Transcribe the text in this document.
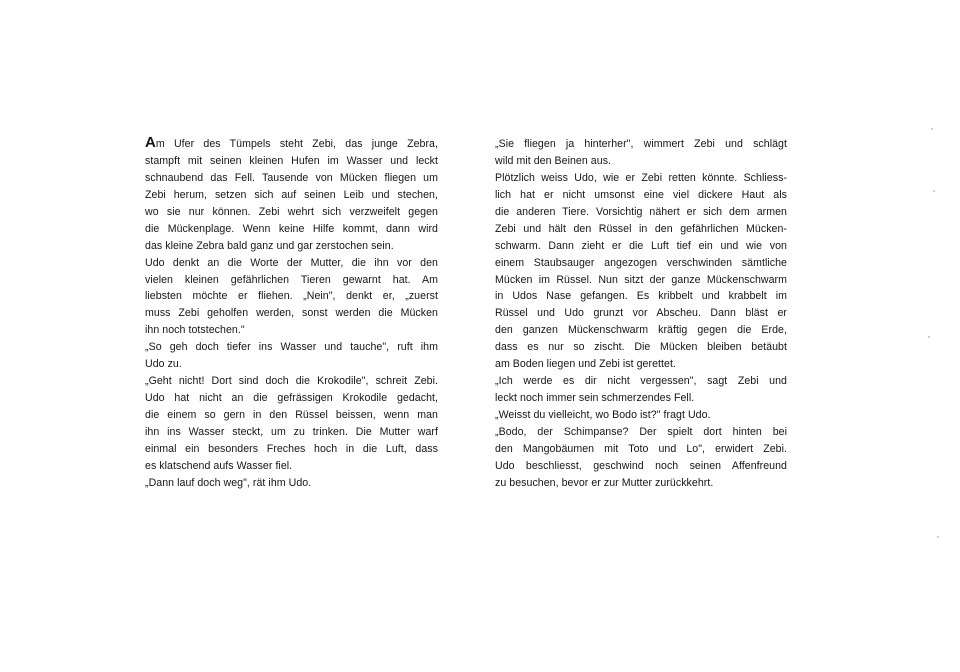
Am Ufer des Tümpels steht Zebi, das junge Zebra,
stampft mit seinen kleinen Hufen im Wasser und leckt
schnaubend das Fell. Tausende von Mücken fliegen um
Zebi herum, setzen sich auf seinen Leib und stechen,
wo sie nur können. Zebi wehrt sich verzweifelt gegen
die Mückenplage. Wenn keine Hilfe kommt, dann wird
das kleine Zebra bald ganz und gar zerstochen sein.
Udo denkt an die Worte der Mutter, die ihn vor den
vielen kleinen gefährlichen Tieren gewarnt hat. Am
liebsten möchte er fliehen. „Nein", denkt er, „zuerst
muss Zebi geholfen werden, sonst werden die Mücken
ihn noch totstechen."
„So geh doch tiefer ins Wasser und tauche", ruft ihm
Udo zu.
„Geht nicht! Dort sind doch die Krokodile", schreit Zebi.
Udo hat nicht an die gefrässigen Krokodile gedacht,
die einem so gern in den Rüssel beissen, wenn man
ihn ins Wasser steckt, um zu trinken. Die Mutter warf
einmal ein besonders Freches hoch in die Luft, dass
es klatschend aufs Wasser fiel.
„Dann lauf doch weg", rät ihm Udo.
„Sie fliegen ja hinterher", wimmert Zebi und schlägt
wild mit den Beinen aus.
Plötzlich weiss Udo, wie er Zebi retten könnte. Schliess-
lich hat er nicht umsonst eine viel dickere Haut als
die anderen Tiere. Vorsichtig nähert er sich dem armen
Zebi und hält den Rüssel in den gefährlichen Mücken-
schwarm. Dann zieht er die Luft tief ein und wie von
einem Staubsauger angezogen verschwinden sämtliche
Mücken im Rüssel. Nun sitzt der ganze Mückenschwarm
in Udos Nase gefangen. Es kribbelt und krabbelt im
Rüssel und Udo grunzt vor Abscheu. Dann bläst er
den ganzen Mückenschwarm kräftig gegen die Erde,
dass es nur so zischt. Die Mücken bleiben betäubt
am Boden liegen und Zebi ist gerettet.
„Ich werde es dir nicht vergessen", sagt Zebi und
leckt noch immer sein schmerzendes Fell.
„Weisst du vielleicht, wo Bodo ist?" fragt Udo.
„Bodo, der Schimpanse? Der spielt dort hinten bei
den Mangobäumen mit Toto und Lo", erwidert Zebi.
Udo beschliesst, geschwind noch seinen Affenfreund
zu besuchen, bevor er zur Mutter zurückkehrt.
